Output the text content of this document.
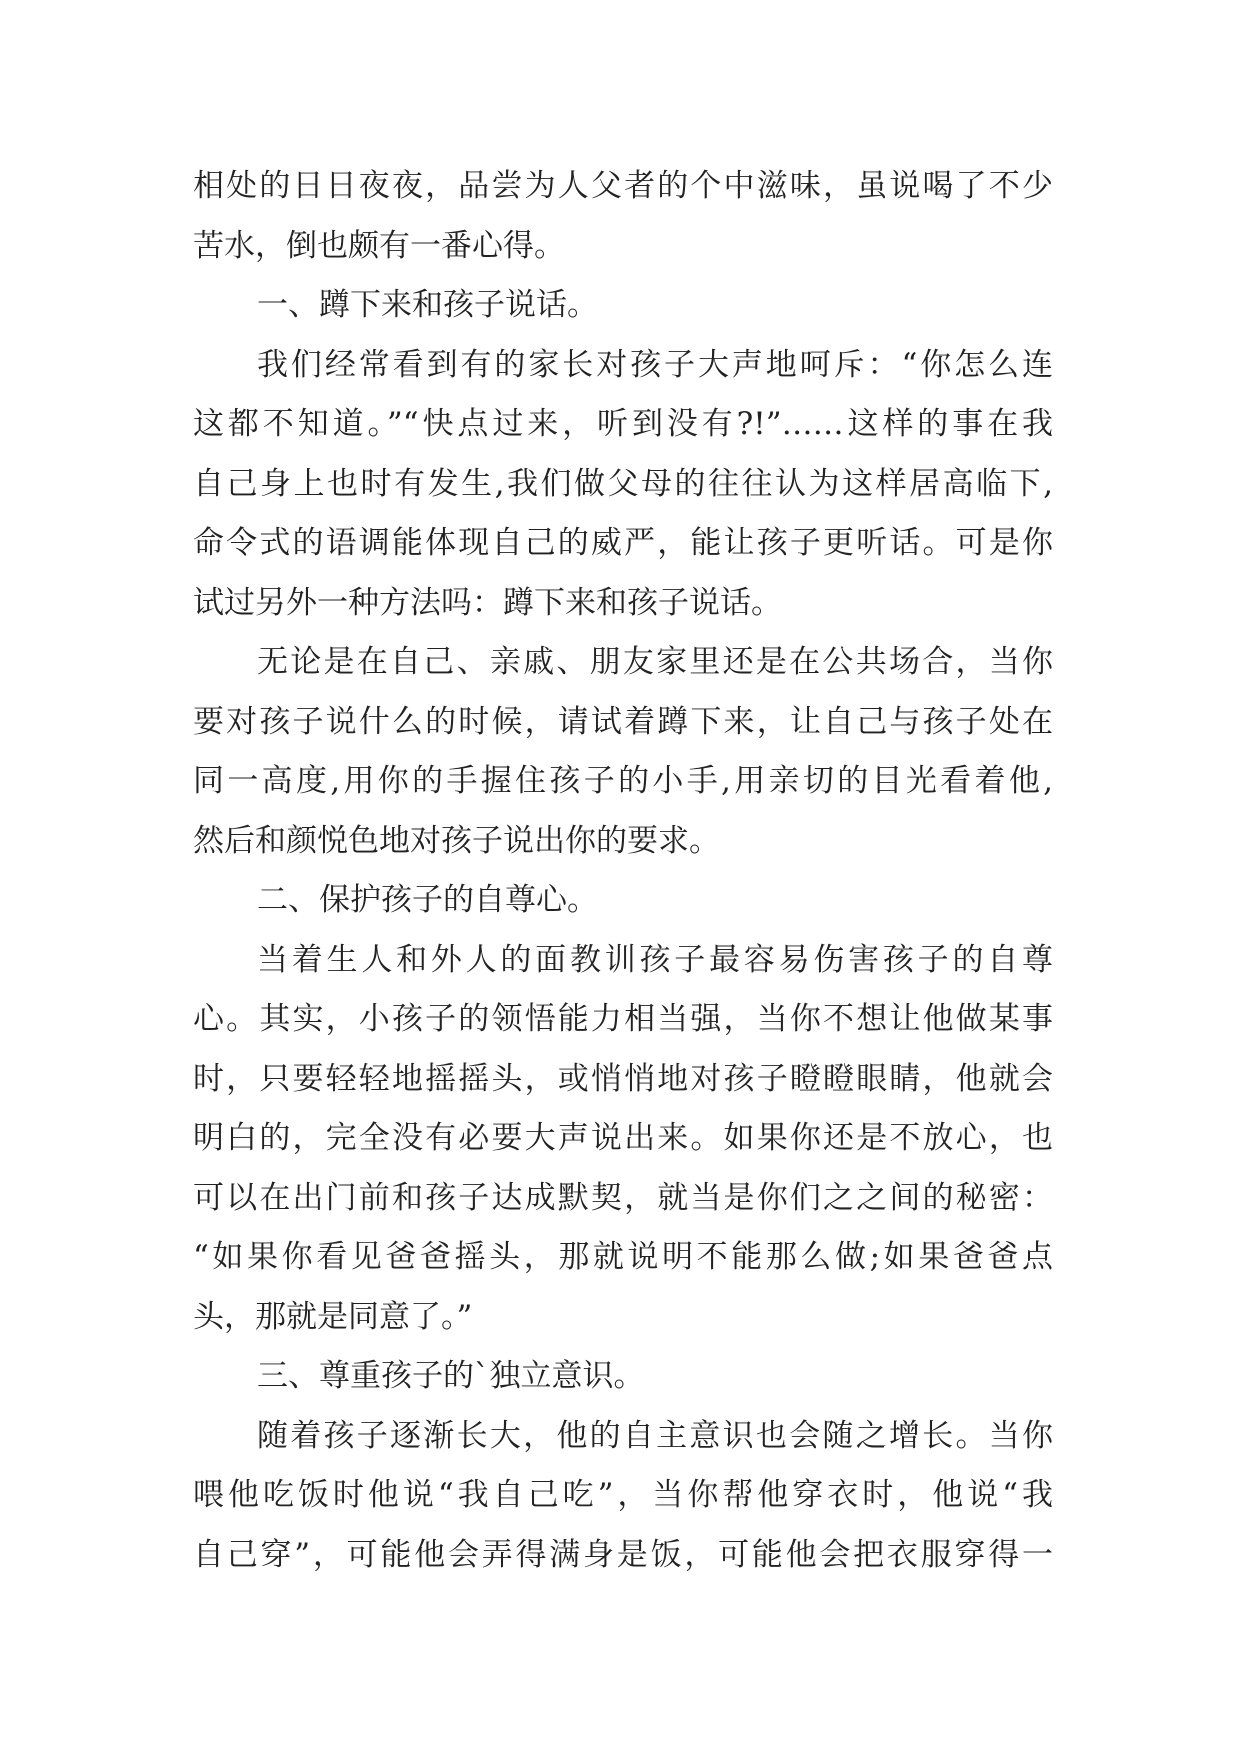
相处的日日夜夜，品尝为人父者的个中滋味，虽说喝了不少
苦水，倒也颇有一番心得。
一、蹲下来和孩子说话。
我们经常看到有的家长对孩子大声地呵斥：“你怎么连
这都不知道。”“快点过来，听到没有?!”……这样的事在我
自己身上也时有发生,我们做父母的往往认为这样居高临下,
命令式的语调能体现自己的威严，能让孩子更听话。可是你
试过另外一种方法吗：蹲下来和孩子说话。
无论是在自己、亲戚、朋友家里还是在公共场合，当你
要对孩子说什么的时候，请试着蹲下来，让自己与孩子处在
同一高度,用你的手握住孩子的小手,用亲切的目光看着他,
然后和颜悦色地对孩子说出你的要求。
二、保护孩子的自尊心。
当着生人和外人的面教训孩子最容易伤害孩子的自尊
心。其实，小孩子的领悟能力相当强，当你不想让他做某事
时，只要轻轻地摇摇头，或悄悄地对孩子瞪瞪眼睛，他就会
明白的，完全没有必要大声说出来。如果你还是不放心，也
可以在出门前和孩子达成默契，就当是你们之之间的秘密：
“如果你看见爸爸摇头，那就说明不能那么做;如果爸爸点
头，那就是同意了。”
三、尊重孩子的`独立意识。
随着孩子逐渐长大，他的自主意识也会随之增长。当你
喂他吃饭时他说“我自己吃”，当你帮他穿衣时，他说“我
自己穿”，可能他会弄得满身是饭，可能他会把衣服穿得一
